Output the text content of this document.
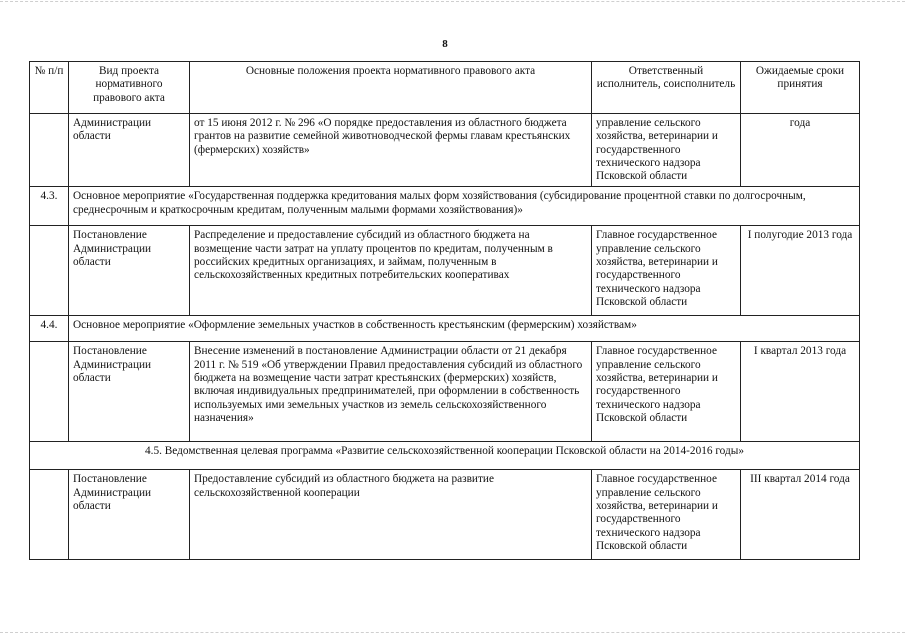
8
№ п/п	Вид проекта нормативного правового акта	Основные положения проекта нормативного правового акта	Ответственный исполнитель, соисполнитель	Ожидаемые сроки принятия
	Администрации области	от 15 июня 2012 г. № 296 «О порядке предоставления из областного бюджета грантов на развитие семейной животноводческой фермы главам крестьянских (фермерских) хозяйств»	управление сельского хозяйства, ветеринарии и государственного технического надзора Псковской области	года
4.3.	Основное мероприятие «Государственная поддержка кредитования малых форм хозяйствования (субсидирование процентной ставки по долгосрочным, среднесрочным и краткосрочным кредитам, полученным малыми формами хозяйствования)»			
	Постановление Администрации области	Распределение и предоставление субсидий из областного бюджета на возмещение части затрат на уплату процентов по кредитам, полученным в российских кредитных организациях, и займам, полученным в сельскохозяйственных кредитных потребительских кооперативах	Главное государственное управление сельского хозяйства, ветеринарии и государственного технического надзора Псковской области	I полугодие 2013 года
4.4.	Основное мероприятие «Оформление земельных участков в собственность крестьянским (фермерским) хозяйствам»			
	Постановление Администрации области	Внесение изменений в постановление Администрации области от 21 декабря 2011 г. № 519 «Об утверждении Правил предоставления субсидий из областного бюджета на возмещение части затрат крестьянских (фермерских) хозяйств, включая индивидуальных предпринимателей, при оформлении в собственность используемых ими земельных участков из земель сельскохозяйственного назначения»	Главное государственное управление сельского хозяйства, ветеринарии и государственного технического надзора Псковской области	I квартал 2013 года
4.5. Ведомственная целевая программа «Развитие сельскохозяйственной кооперации Псковской области на 2014-2016 годы»				
	Постановление Администрации области	Предоставление субсидий из областного бюджета на развитие сельскохозяйственной кооперации	Главное государственное управление сельского хозяйства, ветеринарии и государственного технического надзора Псковской области	III квартал 2014 года
